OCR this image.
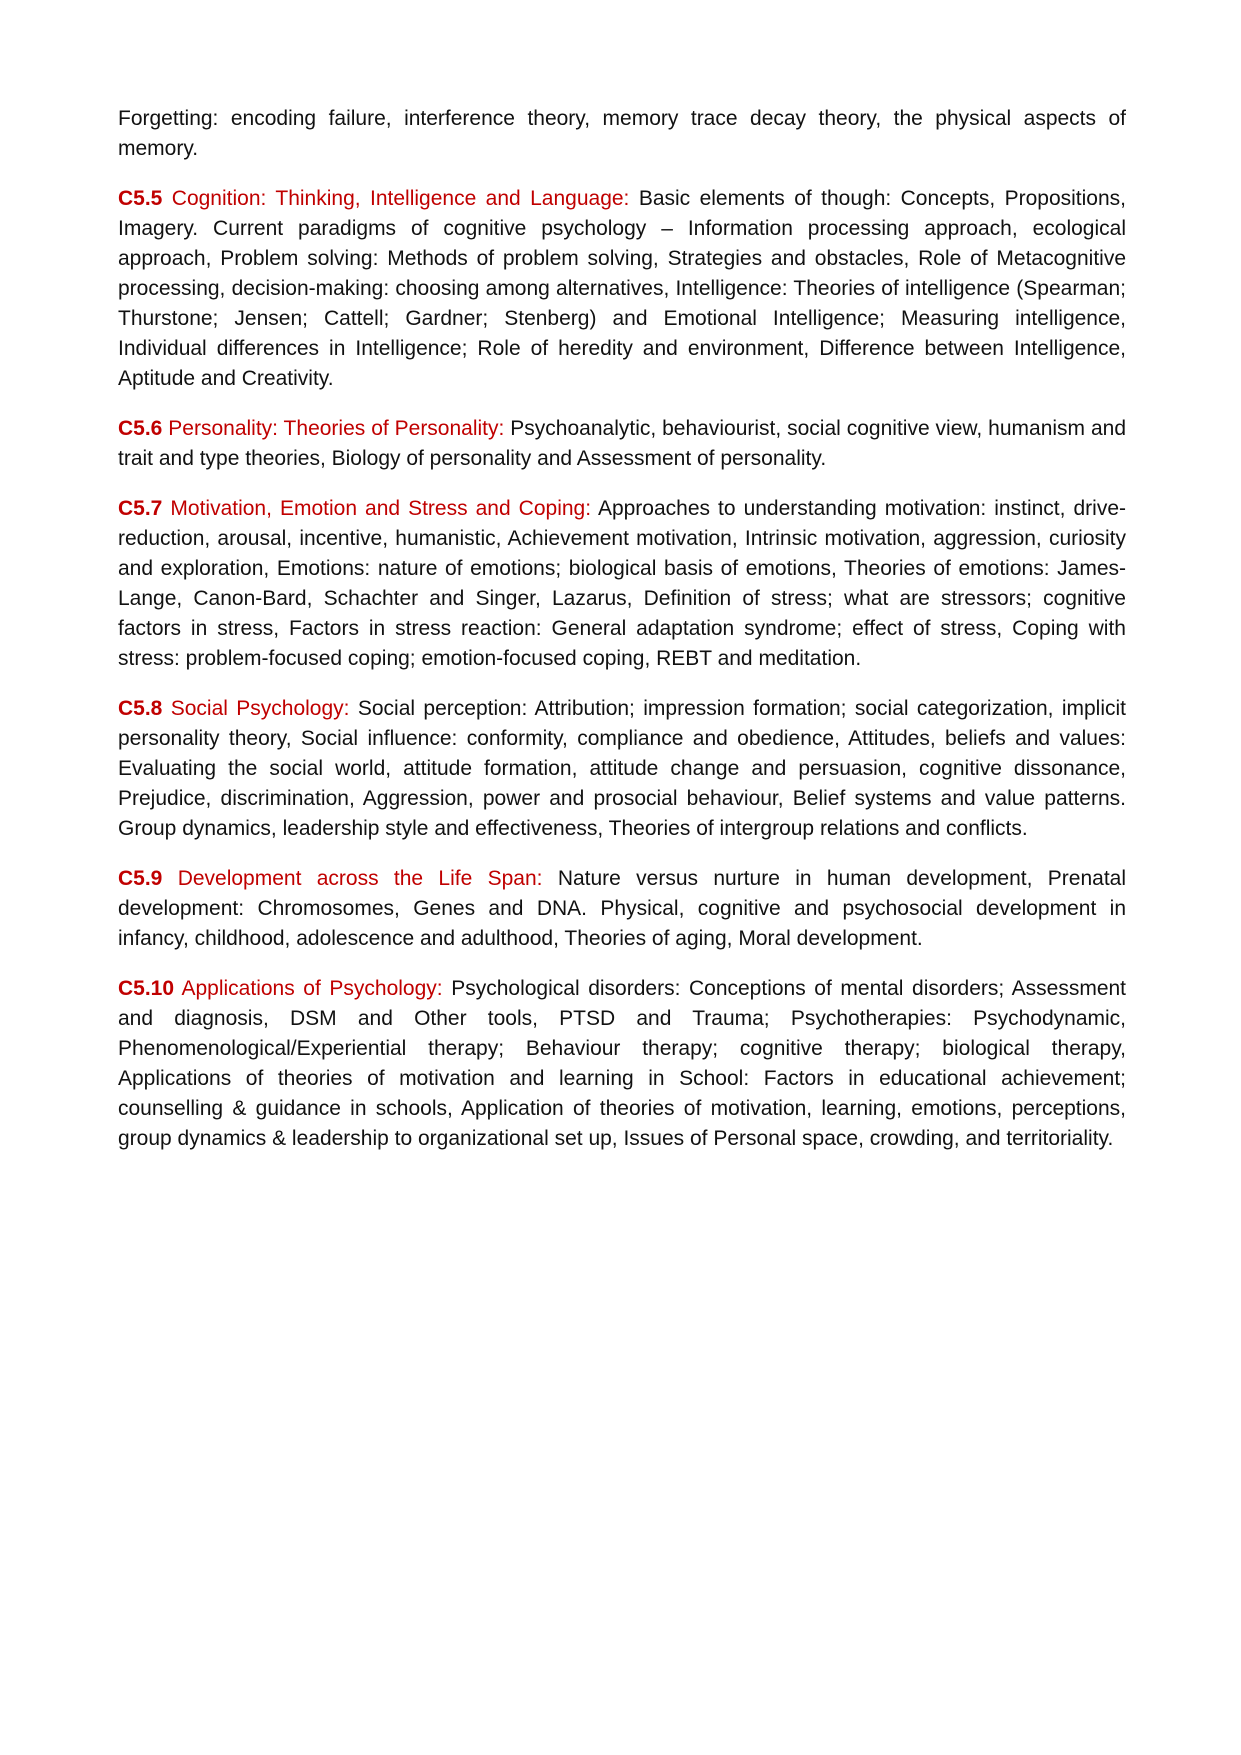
Forgetting: encoding failure, interference theory, memory trace decay theory, the physical aspects of memory.

C5.5 Cognition: Thinking, Intelligence and Language: Basic elements of though: Concepts, Propositions, Imagery. Current paradigms of cognitive psychology – Information processing approach, ecological approach, Problem solving: Methods of problem solving, Strategies and obstacles, Role of Metacognitive processing, decision-making: choosing among alternatives, Intelligence: Theories of intelligence (Spearman; Thurstone; Jensen; Cattell; Gardner; Stenberg) and Emotional Intelligence; Measuring intelligence, Individual differences in Intelligence; Role of heredity and environment, Difference between Intelligence, Aptitude and Creativity.

C5.6 Personality: Theories of Personality: Psychoanalytic, behaviourist, social cognitive view, humanism and trait and type theories, Biology of personality and Assessment of personality.

C5.7 Motivation, Emotion and Stress and Coping: Approaches to understanding motivation: instinct, drive-reduction, arousal, incentive, humanistic, Achievement motivation, Intrinsic motivation, aggression, curiosity and exploration, Emotions: nature of emotions; biological basis of emotions, Theories of emotions: James-Lange, Canon-Bard, Schachter and Singer, Lazarus, Definition of stress; what are stressors; cognitive factors in stress, Factors in stress reaction: General adaptation syndrome; effect of stress, Coping with stress: problem-focused coping; emotion-focused coping, REBT and meditation.

C5.8 Social Psychology: Social perception: Attribution; impression formation; social categorization, implicit personality theory, Social influence: conformity, compliance and obedience, Attitudes, beliefs and values: Evaluating the social world, attitude formation, attitude change and persuasion, cognitive dissonance, Prejudice, discrimination, Aggression, power and prosocial behaviour, Belief systems and value patterns. Group dynamics, leadership style and effectiveness, Theories of intergroup relations and conflicts.

C5.9 Development across the Life Span: Nature versus nurture in human development, Prenatal development: Chromosomes, Genes and DNA. Physical, cognitive and psychosocial development in infancy, childhood, adolescence and adulthood, Theories of aging, Moral development.

C5.10 Applications of Psychology: Psychological disorders: Conceptions of mental disorders; Assessment and diagnosis, DSM and Other tools, PTSD and Trauma; Psychotherapies: Psychodynamic, Phenomenological/Experiential therapy; Behaviour therapy; cognitive therapy; biological therapy, Applications of theories of motivation and learning in School: Factors in educational achievement; counselling & guidance in schools, Application of theories of motivation, learning, emotions, perceptions, group dynamics & leadership to organizational set up, Issues of Personal space, crowding, and territoriality.
